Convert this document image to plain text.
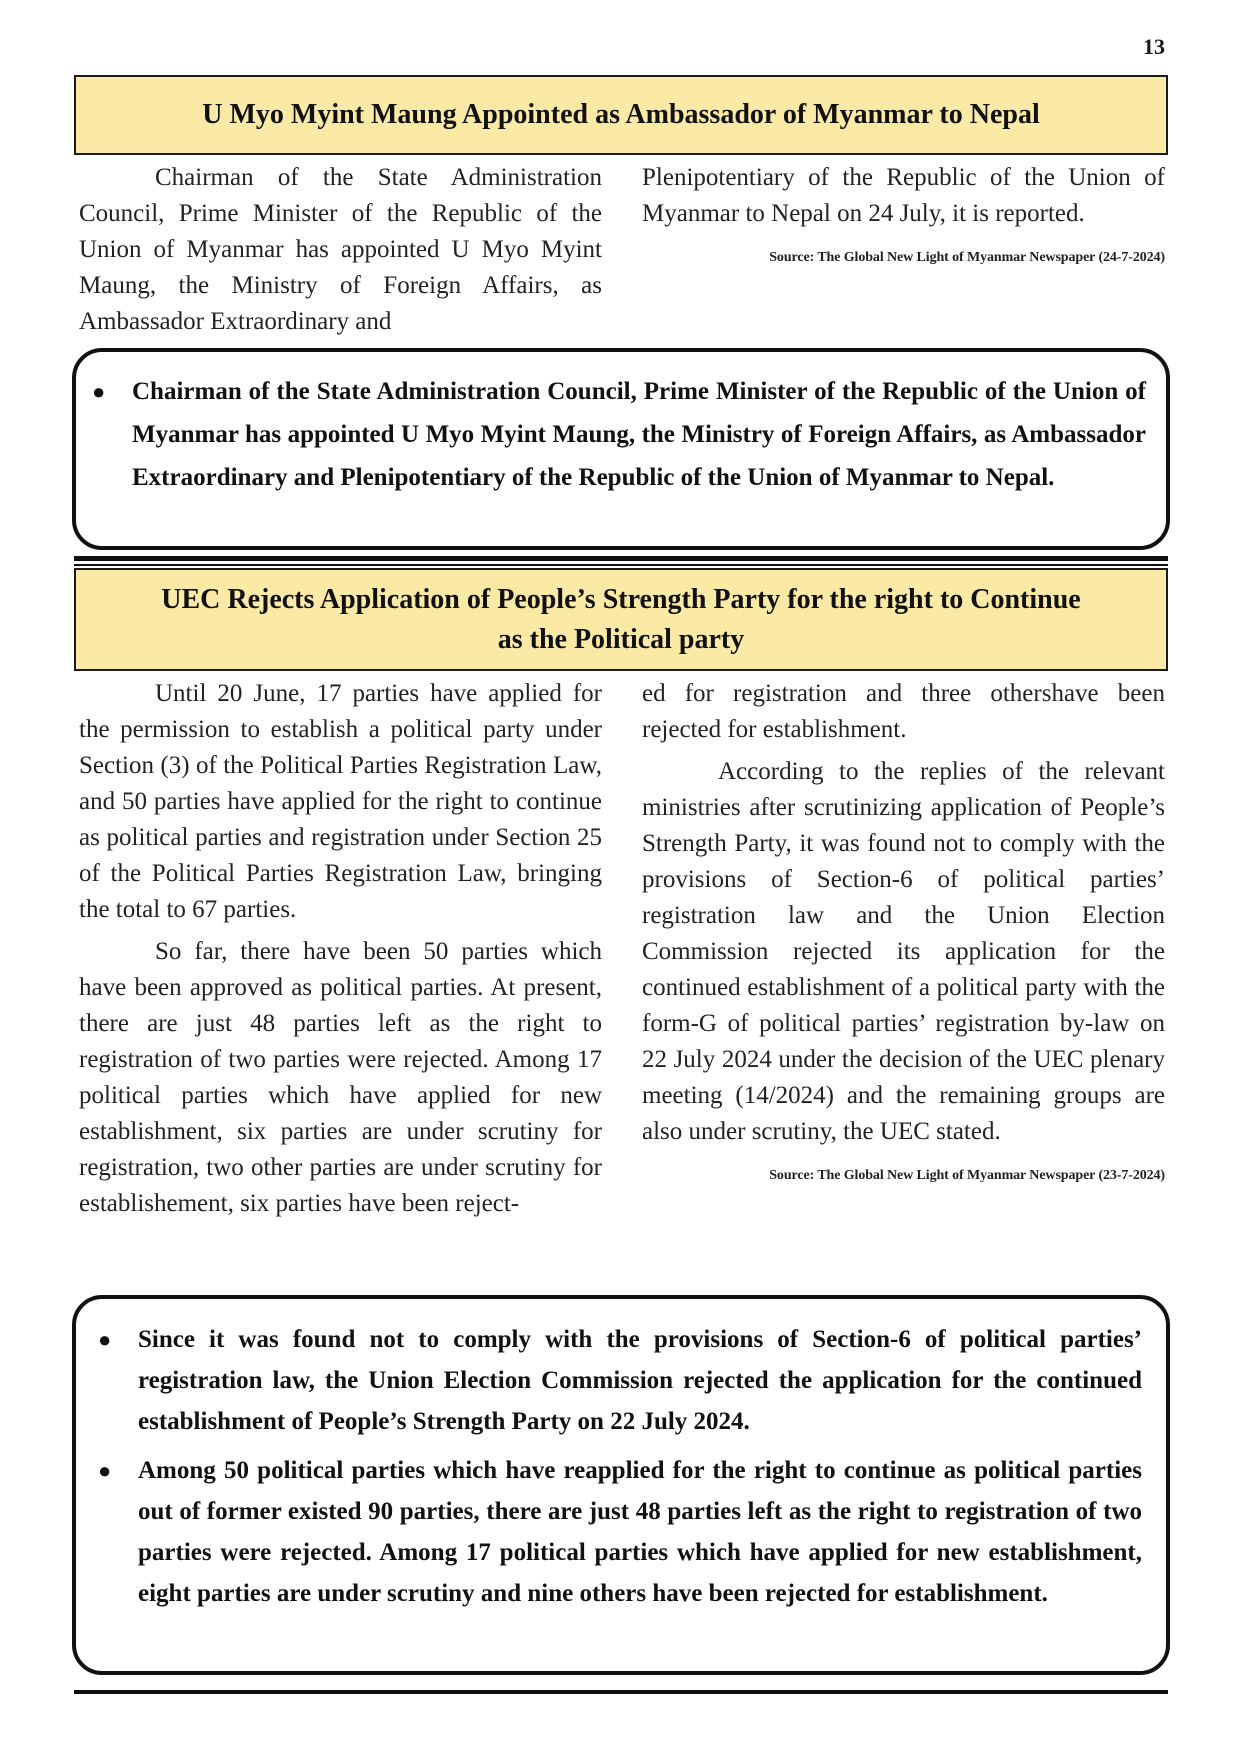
13
U Myo Myint Maung Appointed as Ambassador of Myanmar to Nepal

Chairman of the State Administration Council, Prime Minister of the Republic of the Union of Myanmar has appointed U Myo Myint Maung, the Ministry of Foreign Affairs, as Ambassador Extraordinary and

Plenipotentiary of the Republic of the Union of Myanmar to Nepal on 24 July, it is reported.

Source: The Global New Light of Myanmar Newspaper (24-7-2024)

● Chairman of the State Administration Council, Prime Minister of the Republic of the Union of Myanmar has appointed U Myo Myint Maung, the Ministry of Foreign Affairs, as Ambassador Extraordinary and Plenipotentiary of the Republic of the Union of Myanmar to Nepal.
UEC Rejects Application of People’s Strength Party for the right to Continue
as the Political party

Until 20 June, 17 parties have applied for the permission to establish a political party under Section (3) of the Political Parties Registration Law, and 50 parties have applied for the right to continue as political parties and registration under Section 25 of the Political Parties Registration Law, bringing the total to 67 parties.

So far, there have been 50 parties which have been approved as political parties. At present, there are just 48 parties left as the right to registration of two parties were rejected. Among 17 political parties which have applied for new establishment, six parties are under scrutiny for registration, two other parties are under scrutiny for establishement, six parties have been reject-

ed for registration and three othershave been rejected for establishment.

According to the replies of the relevant ministries after scrutinizing application of People’s Strength Party, it was found not to comply with the provisions of Section-6 of political parties’ registration law and the Union Election Commission rejected its application for the continued establishment of a political party with the form-G of political parties’ registration by-law on 22 July 2024 under the decision of the UEC plenary meeting (14/2024) and the remaining groups are also under scrutiny, the UEC stated.

Source: The Global New Light of Myanmar Newspaper (23-7-2024)

● Since it was found not to comply with the provisions of Section-6 of political parties’ registration law, the Union Election Commission rejected the application for the continued establishment of People’s Strength Party on 22 July 2024.
● Among 50 political parties which have reapplied for the right to continue as political parties out of former existed 90 parties, there are just 48 parties left as the right to registration of two parties were rejected. Among 17 political parties which have applied for new establishment, eight parties are under scrutiny and nine others have been rejected for establishment.
